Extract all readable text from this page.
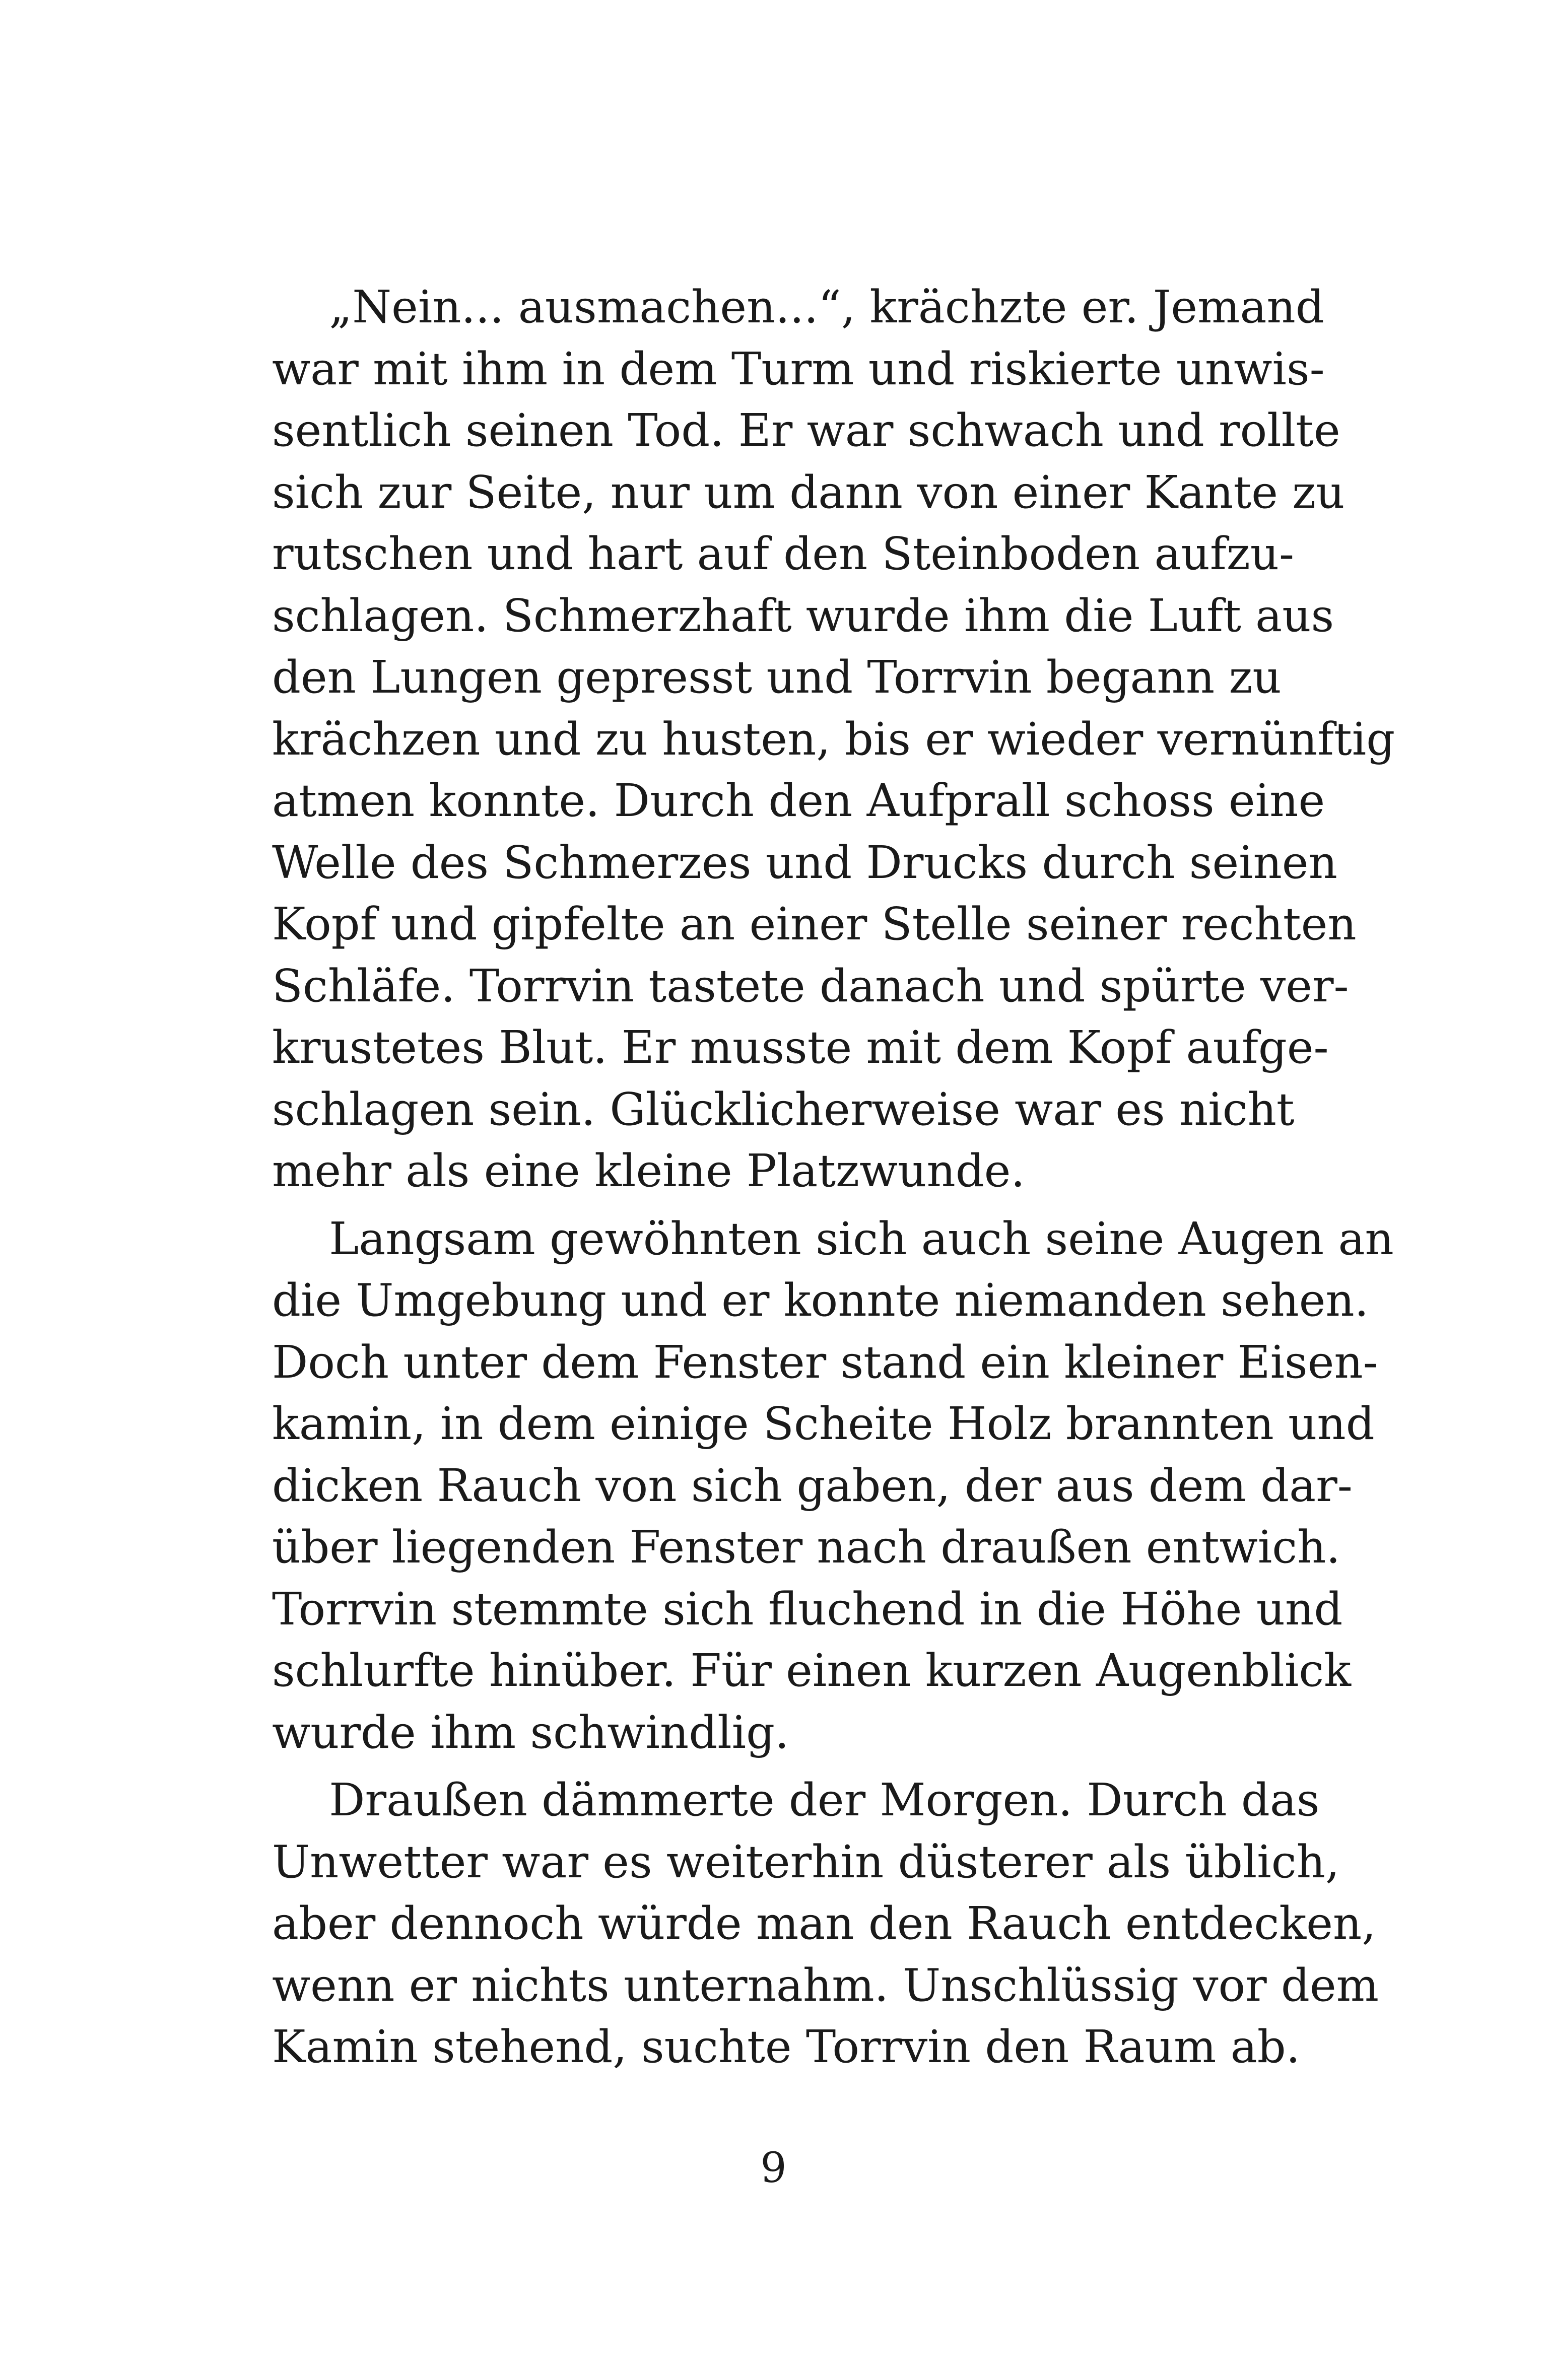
„Nein... ausmachen...“, krächzte er. Jemand
war mit ihm in dem Turm und riskierte unwis-
sentlich seinen Tod. Er war schwach und rollte
sich zur Seite, nur um dann von einer Kante zu
rutschen und hart auf den Steinboden aufzu-
schlagen. Schmerzhaft wurde ihm die Luft aus
den Lungen gepresst und Torrvin begann zu
krächzen und zu husten, bis er wieder vernünftig
atmen konnte. Durch den Aufprall schoss eine
Welle des Schmerzes und Drucks durch seinen
Kopf und gipfelte an einer Stelle seiner rechten
Schläfe. Torrvin tastete danach und spürte ver-
krustetes Blut. Er musste mit dem Kopf aufge-
schlagen sein. Glücklicherweise war es nicht
mehr als eine kleine Platzwunde.

Langsam gewöhnten sich auch seine Augen an
die Umgebung und er konnte niemanden sehen.
Doch unter dem Fenster stand ein kleiner Eisen-
kamin, in dem einige Scheite Holz brannten und
dicken Rauch von sich gaben, der aus dem dar-
über liegenden Fenster nach draußen entwich.
Torrvin stemmte sich fluchend in die Höhe und
schlurfte hinüber. Für einen kurzen Augenblick
wurde ihm schwindlig.

Draußen dämmerte der Morgen. Durch das
Unwetter war es weiterhin düsterer als üblich,
aber dennoch würde man den Rauch entdecken,
wenn er nichts unternahm. Unschlüssig vor dem
Kamin stehend, suchte Torrvin den Raum ab.

9
